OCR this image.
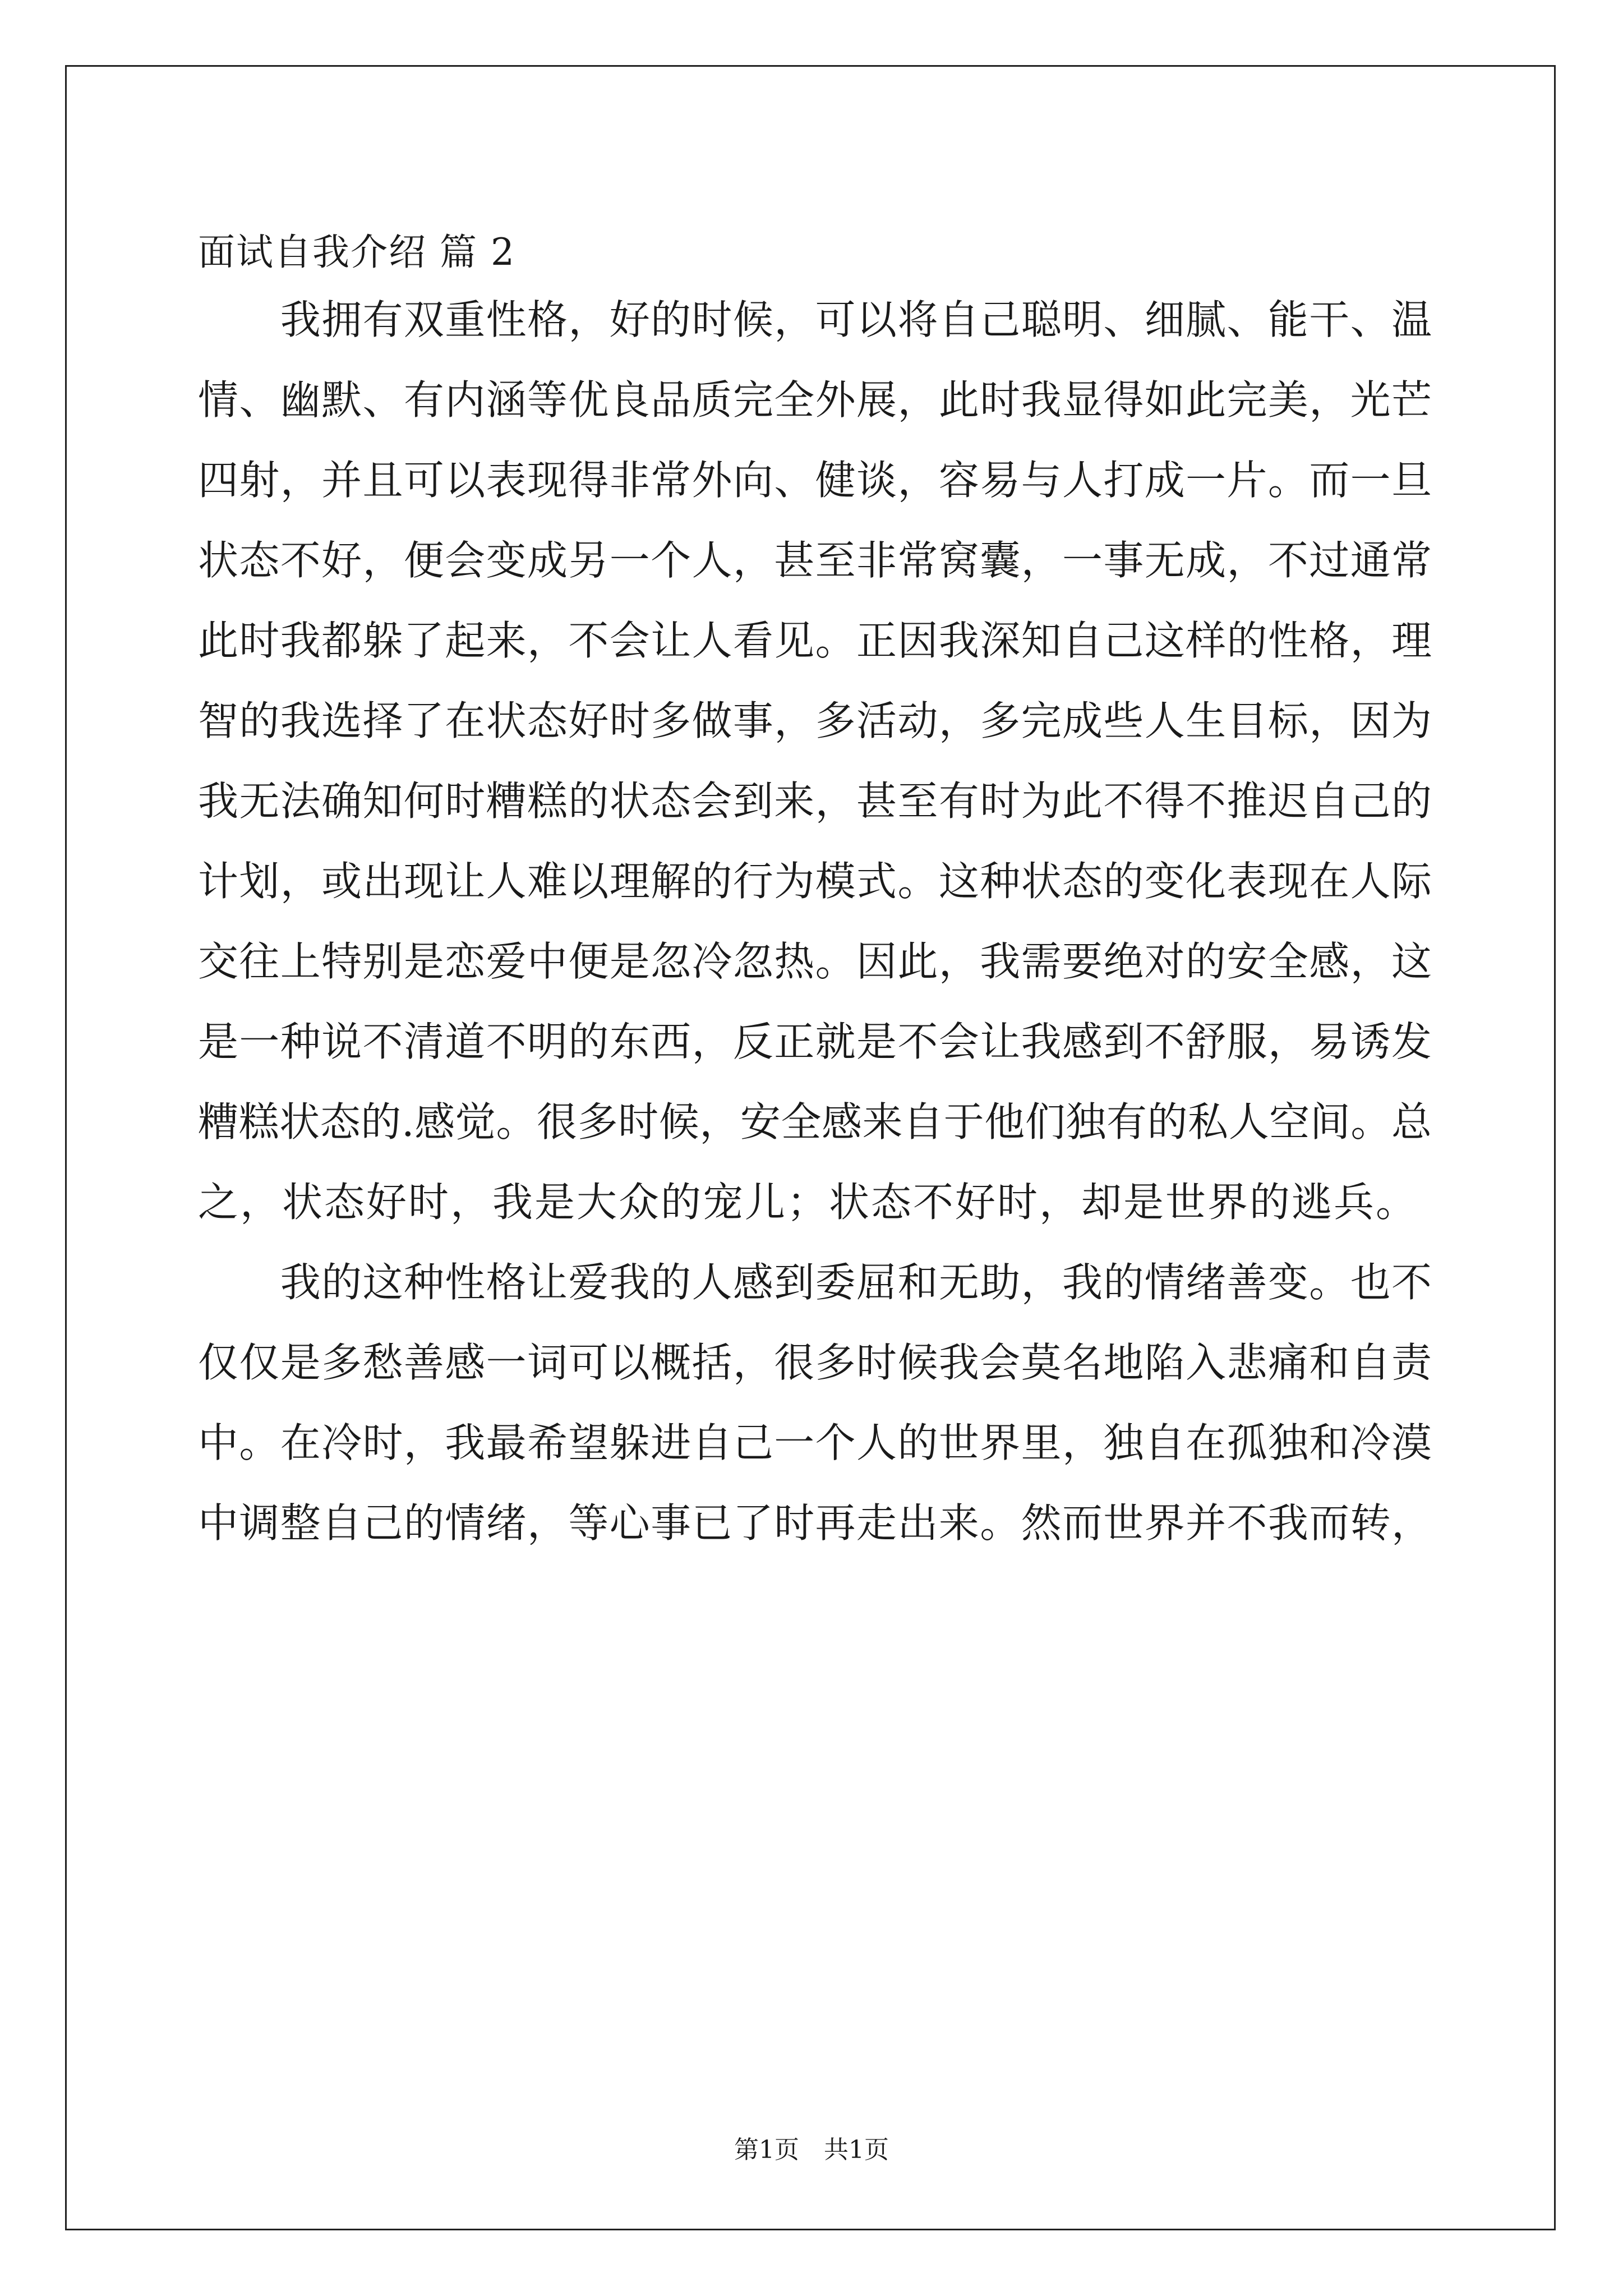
面试自我介绍 篇 2
　　我拥有双重性格，好的时候，可以将自己聪明、细腻、能干、温
情、幽默、有内涵等优良品质完全外展，此时我显得如此完美，光芒
四射，并且可以表现得非常外向、健谈，容易与人打成一片。而一旦
状态不好，便会变成另一个人，甚至非常窝囊，一事无成，不过通常
此时我都躲了起来，不会让人看见。正因我深知自己这样的性格，理
智的我选择了在状态好时多做事，多活动，多完成些人生目标，因为
我无法确知何时糟糕的状态会到来，甚至有时为此不得不推迟自己的
计划，或出现让人难以理解的行为模式。这种状态的变化表现在人际
交往上特别是恋爱中便是忽冷忽热。因此，我需要绝对的安全感，这
是一种说不清道不明的东西，反正就是不会让我感到不舒服，易诱发
糟糕状态的.感觉。很多时候，安全感来自于他们独有的私人空间。总
之，状态好时，我是大众的宠儿；状态不好时，却是世界的逃兵。
　　我的这种性格让爱我的人感到委屈和无助，我的情绪善变。也不
仅仅是多愁善感一词可以概括，很多时候我会莫名地陷入悲痛和自责
中。在冷时，我最希望躲进自己一个人的世界里，独自在孤独和冷漠
中调整自己的情绪，等心事已了时再走出来。然而世界并不我而转，
第1页　共1页
